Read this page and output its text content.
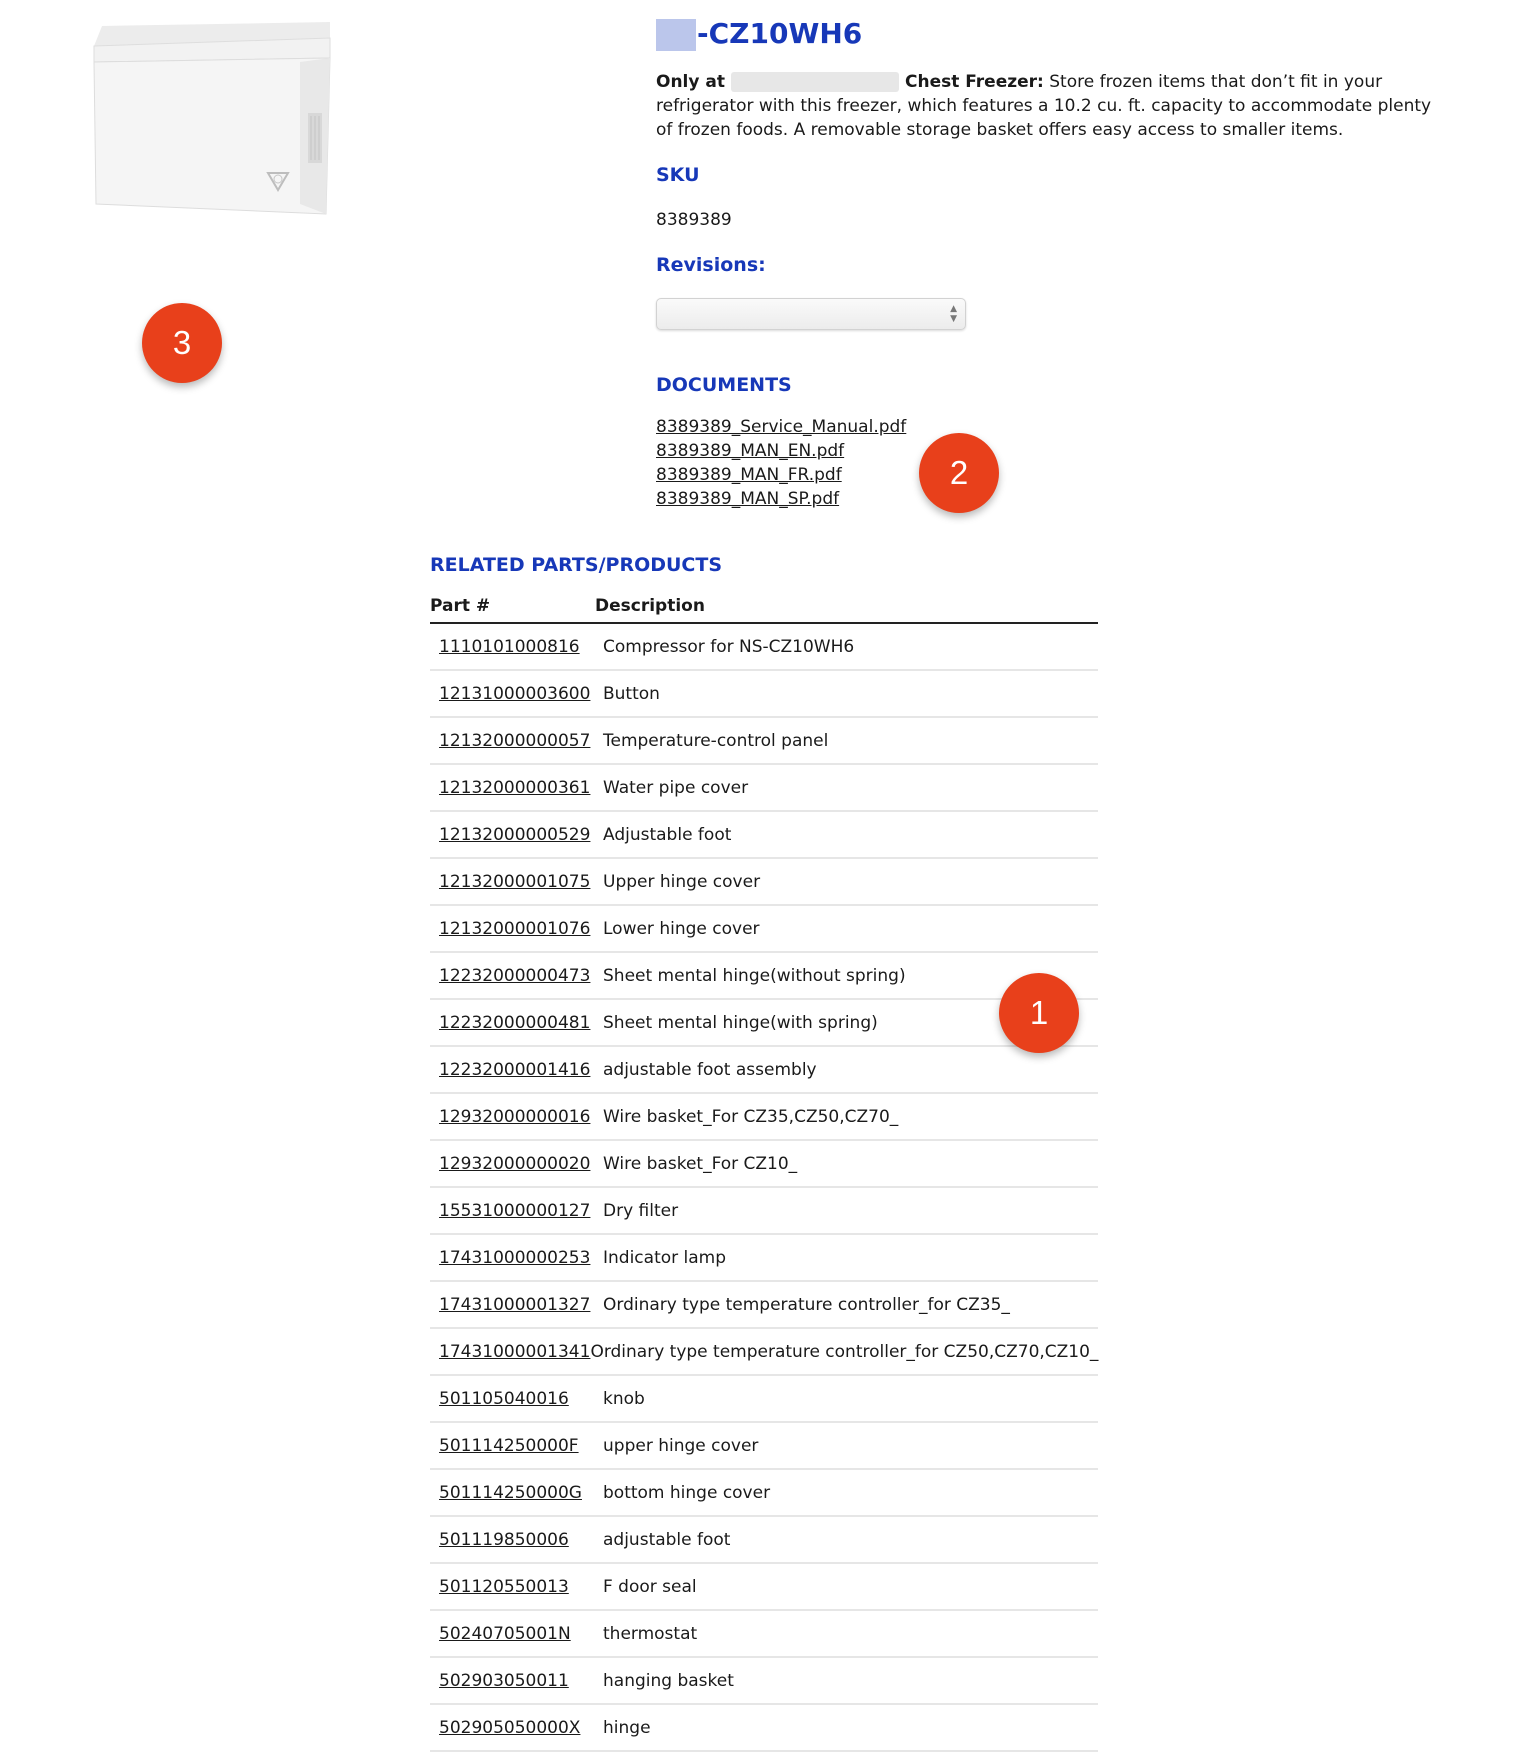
-CZ10WH6
Only at	Chest Freezer: Store frozen items that don’t fit in your refrigerator with this freezer, which features a 10.2 cu. ft. capacity to accommodate plenty of frozen foods. A removable storage basket offers easy access to smaller items.
SKU
8389389
Revisions:
▲
▼
DOCUMENTS
8389389_Service_Manual.pdf
8389389_MAN_EN.pdf
8389389_MAN_FR.pdf
8389389_MAN_SP.pdf
RELATED PARTS/PRODUCTS
Part #	Description
1110101000816	Compressor for NS-CZ10WH6
12131000003600 Button
12132000000057 Temperature-control panel
12132000000361 Water pipe cover
12132000000529 Adjustable foot
12132000001075 Upper hinge cover
12132000001076 Lower hinge cover
12232000000473 Sheet mental hinge(without spring)
12232000000481 Sheet mental hinge(with spring)
12232000001416 adjustable foot assembly
12932000000016 Wire basket_For CZ35,CZ50,CZ70_
12932000000020 Wire basket_For CZ10_
15531000000127 Dry filter
17431000000253 Indicator lamp
17431000001327 Ordinary type temperature controller_for CZ35_
17431000001341 Ordinary type temperature controller_for CZ50,CZ70,CZ10_
501105040016	knob
501114250000F	upper hinge cover
501114250000G	bottom hinge cover
501119850006	adjustable foot
501120550013	F door seal
50240705001N	thermostat
502903050011	hanging basket
502905050000X	hinge
1
2
3
